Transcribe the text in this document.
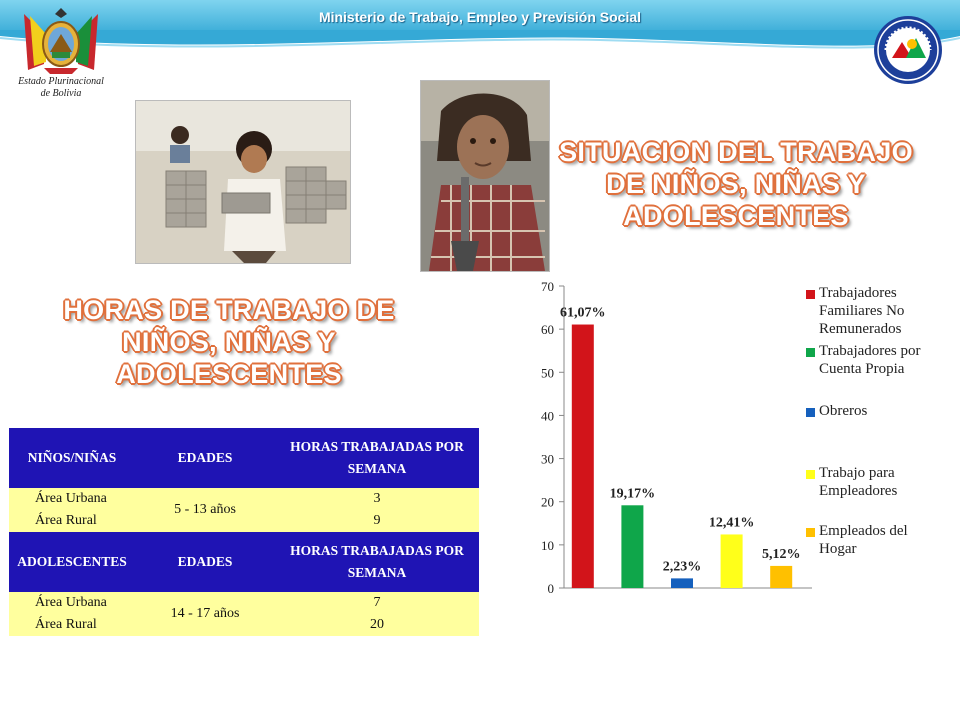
Ministerio de Trabajo, Empleo y Previsión Social
Estado Plurinacional
de Bolivia
SITUACION DEL TRABAJO DE NIÑOS, NIÑAS Y ADOLESCENTES
HORAS DE TRABAJO DE NIÑOS, NIÑAS Y ADOLESCENTES
NIÑOS/NIÑAS	EDADES	HORAS TRABAJADAS POR SEMANA
Área Urbana	5 - 13 años	3
Área Rural		9
ADOLESCENTES	EDADES	HORAS TRABAJADAS POR SEMANA
Área Urbana	14 - 17 años	7
Área Rural		20
0
10
20
30
40
50
60
70
61,07%
19,17%
2,23%
12,41%
5,12%
Trabajadores
Familiares No
Remunerados
Trabajadores por
Cuenta Propia
Obreros
Trabajo para
Empleadores
Empleados del
Hogar
